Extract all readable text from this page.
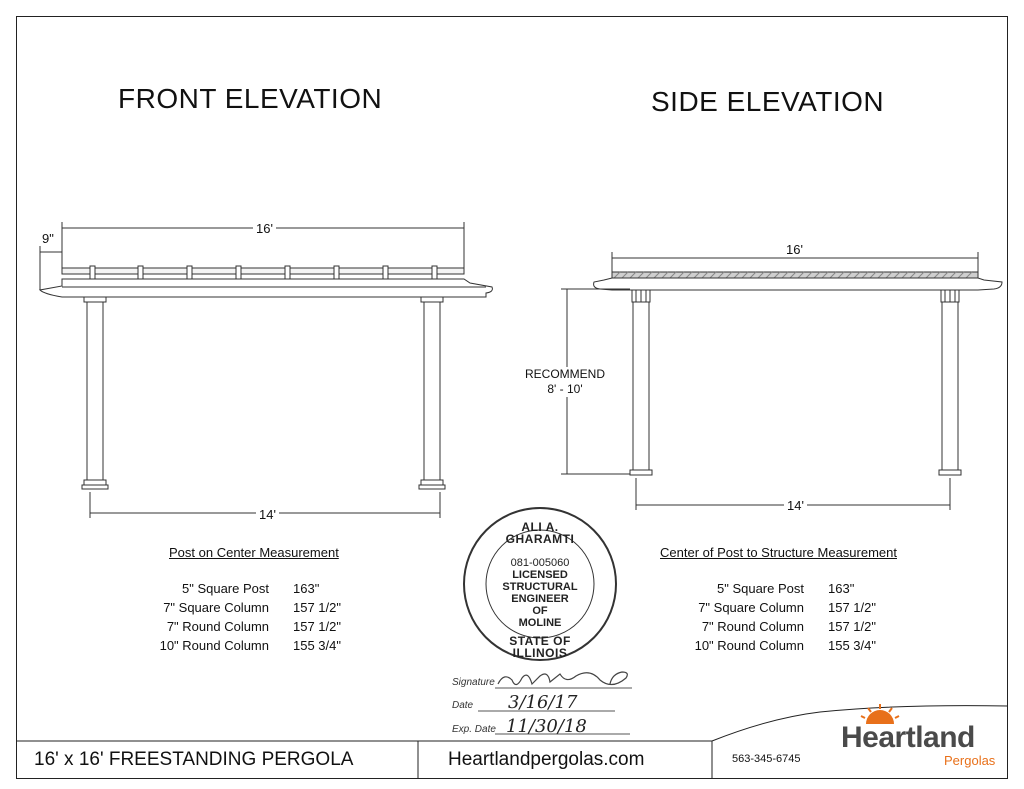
FRONT ELEVATION	SIDE ELEVATION
9"
16'
14'
16'
14'
RECOMMEND
8' - 10'
ALI A. GHARAMTI
081-005060
LICENSED
STRUCTURAL
ENGINEER
OF
MOLINE
STATE OF ILLINOIS
Post on Center Measurement
5" Square Post	163"
7" Square Column	157 1/2"
7" Round Column	157 1/2"
10" Round Column	155 3/4"
Center of Post to Structure Measurement
5" Square Post	163"
7" Square Column	157 1/2"
7" Round Column	157 1/2"
10" Round Column	155 3/4"
Signature
Date 3/16/17
Exp. Date 11/30/18
16' x 16' FREESTANDING PERGOLA	Heartlandpergolas.com	563-345-6745
Heartland
Pergolas
